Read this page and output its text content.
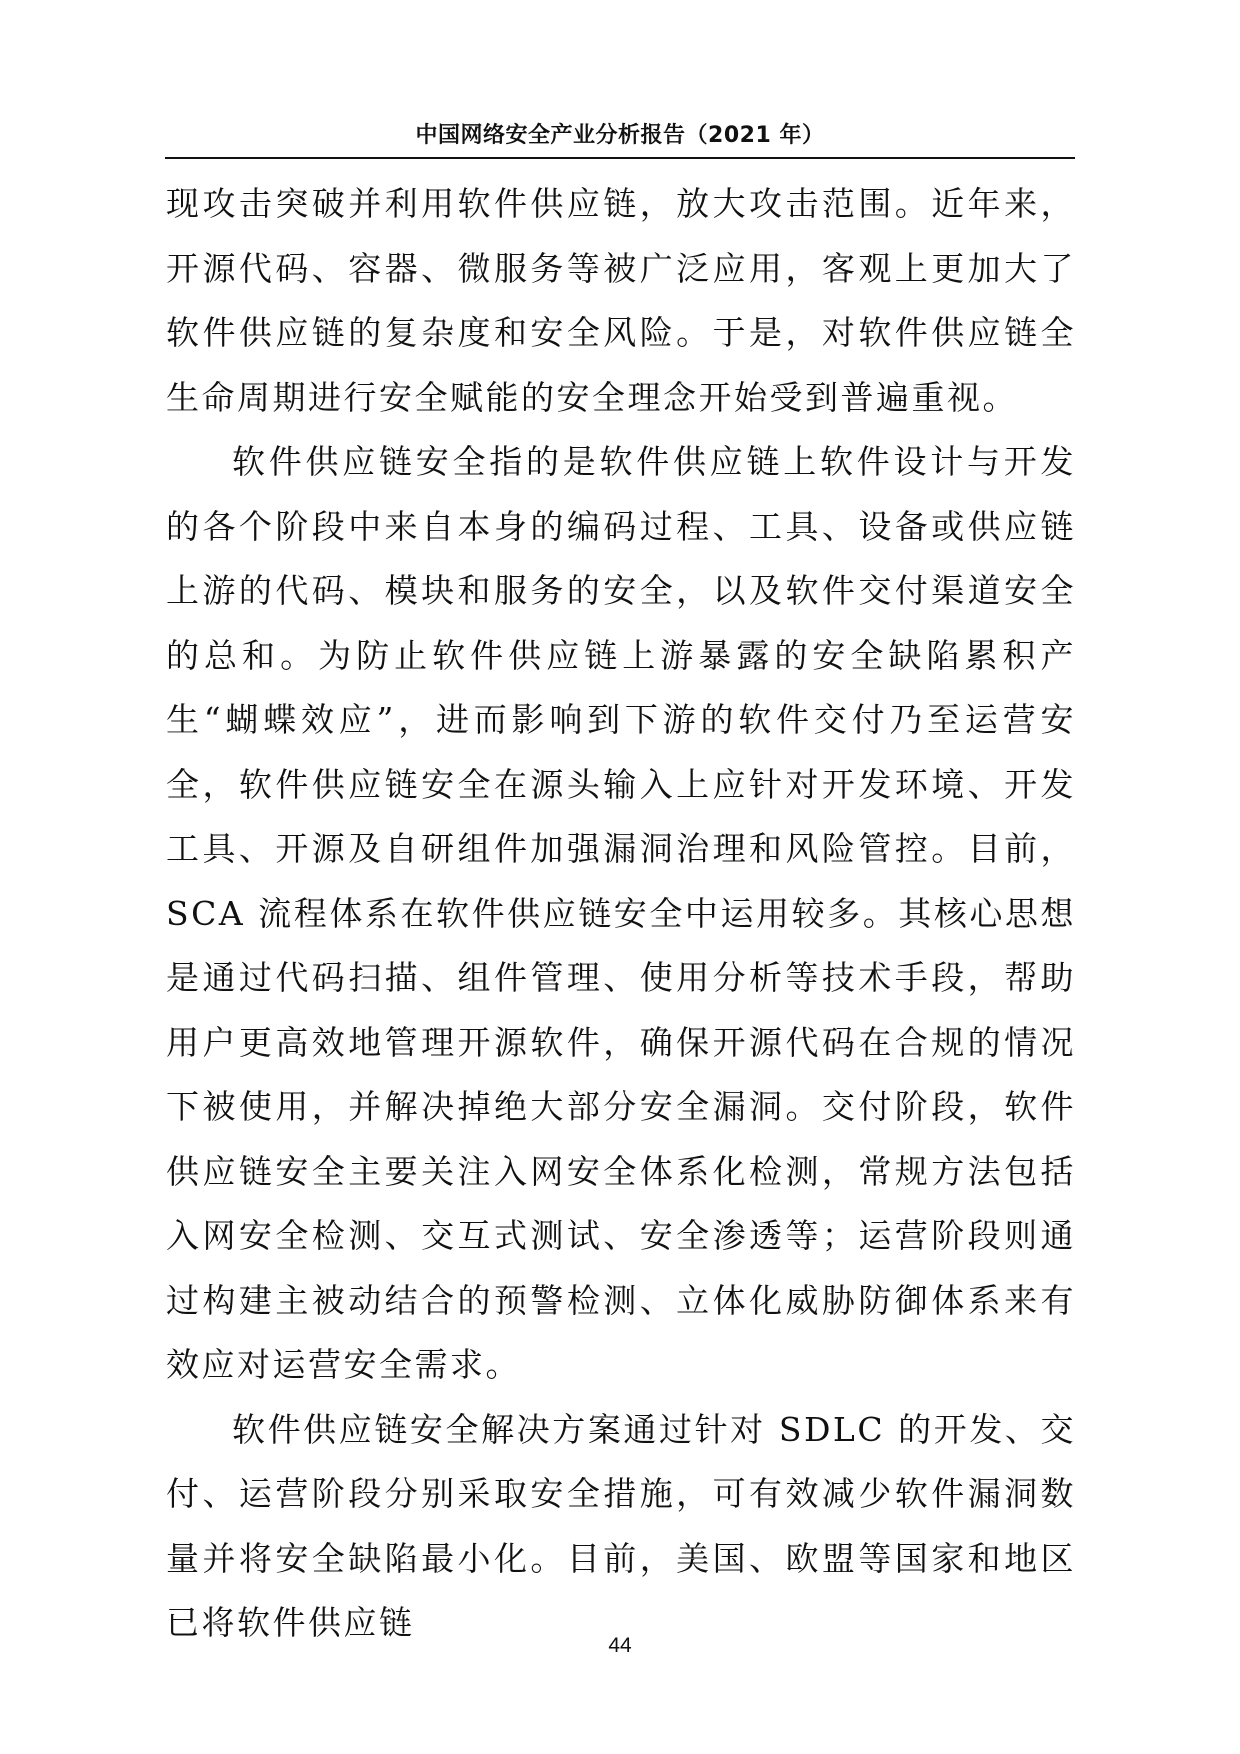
中国网络安全产业分析报告（2021 年）

现攻击突破并利用软件供应链，放大攻击范围。近年来，开源代码、容器、微服务等被广泛应用，客观上更加大了软件供应链的复杂度和安全风险。于是，对软件供应链全生命周期进行安全赋能的安全理念开始受到普遍重视。

软件供应链安全指的是软件供应链上软件设计与开发的各个阶段中来自本身的编码过程、工具、设备或供应链上游的代码、模块和服务的安全，以及软件交付渠道安全的总和。为防止软件供应链上游暴露的安全缺陷累积产生“蝴蝶效应”，进而影响到下游的软件交付乃至运营安全，软件供应链安全在源头输入上应针对开发环境、开发工具、开源及自研组件加强漏洞治理和风险管控。目前，SCA 流程体系在软件供应链安全中运用较多。其核心思想是通过代码扫描、组件管理、使用分析等技术手段，帮助用户更高效地管理开源软件，确保开源代码在合规的情况下被使用，并解决掉绝大部分安全漏洞。交付阶段，软件供应链安全主要关注入网安全体系化检测，常规方法包括入网安全检测、交互式测试、安全渗透等；运营阶段则通过构建主被动结合的预警检测、立体化威胁防御体系来有效应对运营安全需求。

软件供应链安全解决方案通过针对 SDLC 的开发、交付、运营阶段分别采取安全措施，可有效减少软件漏洞数量并将安全缺陷最小化。目前，美国、欧盟等国家和地区已将软件供应链

44
